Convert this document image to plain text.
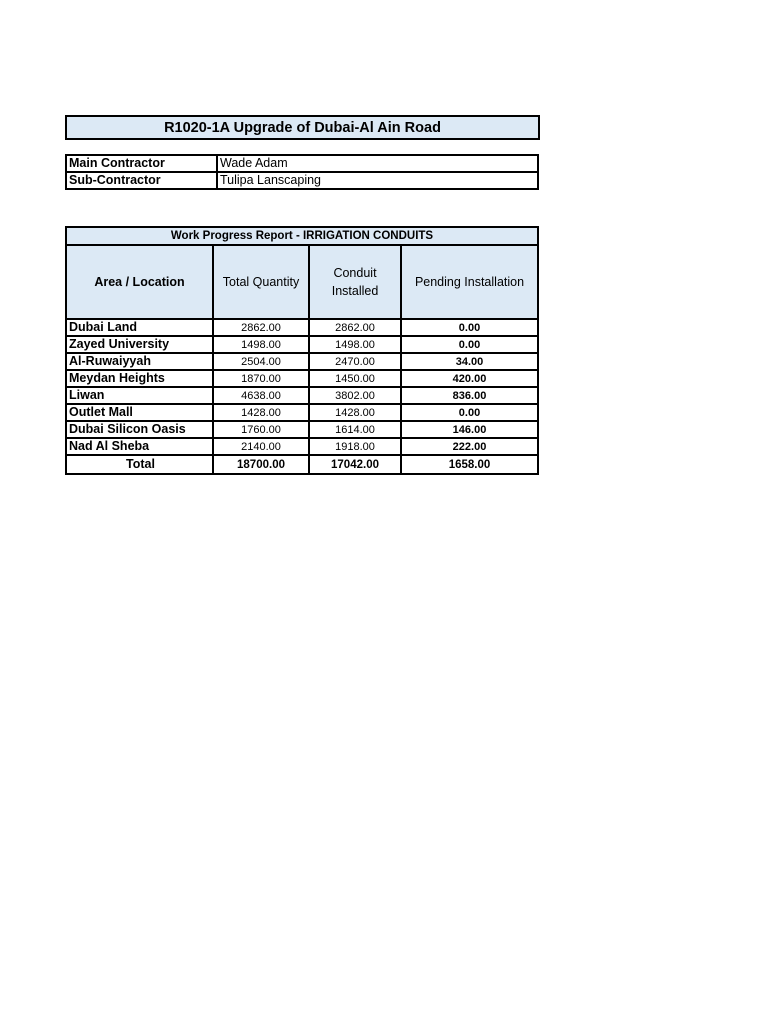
R1020-1A Upgrade of Dubai-Al Ain Road
Main Contractor	Wade Adam
Sub-Contractor	Tulipa Lanscaping
Work Progress Report - IRRIGATION CONDUITS			
Area / Location	Total Quantity	Conduit Installed	Pending Installation
Dubai Land	2862.00	2862.00	0.00
Zayed University	1498.00	1498.00	0.00
Al-Ruwaiyyah	2504.00	2470.00	34.00
Meydan Heights	1870.00	1450.00	420.00
Liwan	4638.00	3802.00	836.00
Outlet Mall	1428.00	1428.00	0.00
Dubai Silicon Oasis	1760.00	1614.00	146.00
Nad Al Sheba	2140.00	1918.00	222.00
Total	18700.00	17042.00	1658.00
